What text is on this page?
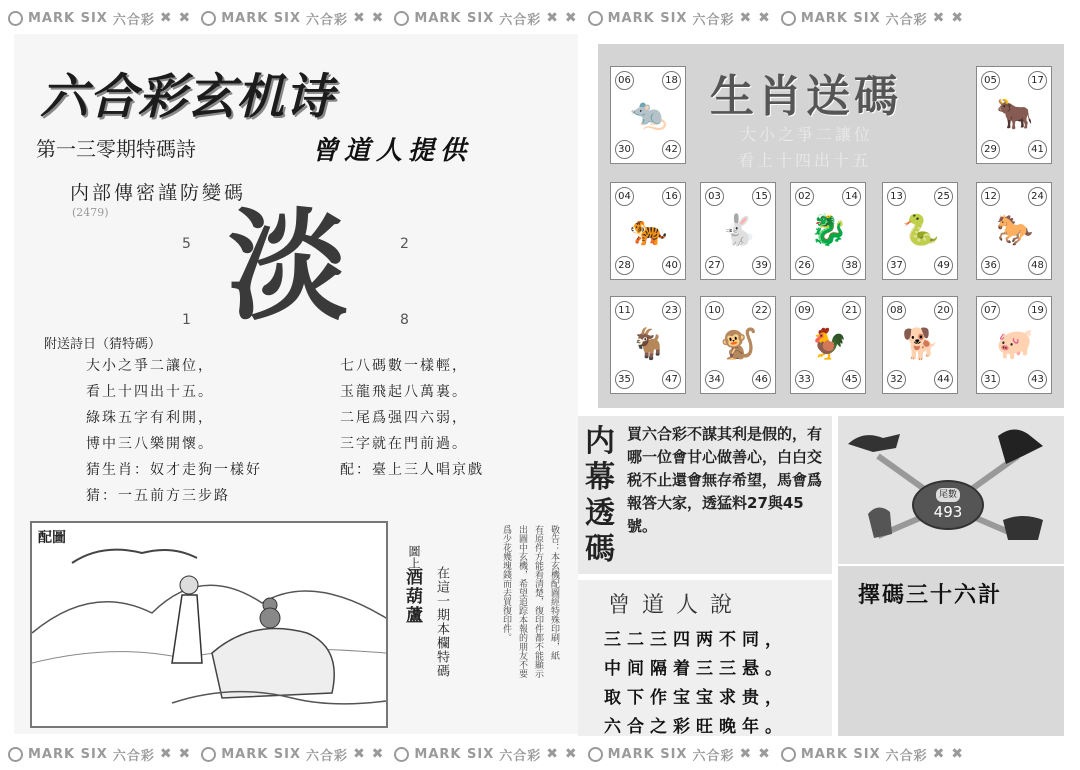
MARK SIX 六合彩 ✖ ✖ MARK SIX 六合彩 ✖ ✖ MARK SIX 六合彩 ✖ ✖ MARK SIX 六合彩 ✖ ✖ MARK SIX 六合彩 ✖ ✖
MARK SIX 六合彩 ✖ ✖ MARK SIX 六合彩 ✖ ✖ MARK SIX 六合彩 ✖ ✖ MARK SIX 六合彩 ✖ ✖ MARK SIX 六合彩 ✖ ✖
六合彩玄机诗
第一三零期特碼詩	曾道人提供
内部傳密謹防變碼
(2479) 淡
5	2
1	8
附送詩日（猜特碼）
大小之爭二讓位，
看上十四出十五。
綠珠五字有利開，
博中三八樂開懷。
猜生肖：奴才走狗一樣好
猜：一五前方三步路
七八碼數一樣輕，
玉龍飛起八萬裏。
二尾爲强四六弱，
三字就在門前過。
配：臺上三人唱京戲
配圖
圖上
酒葫蘆 在這一期本欄特碼	敬告：本玄機配圖經特殊印刷，紙
有原件方能看清楚，復印件都不能顯示
出圖中玄機，希望追踪本報的朋友不要
爲少花幾塊錢而去買復印件。
生肖送碼
大小之爭二讓位
看上十四出十五
06	18
30	42
🐀
05	17
29	41
🐂
04	16
28	40
🐅
03	15
27	39
🐇
02	14
26	38
🐉
13	25
37	49
🐍
12	24
36	48
🐎
11	23
35	47
🐐
10	22
34	46
🐒
09	21
33	45
🐓
08	20
32	44
🐕
07	19
31	43
🐖
内幕透碼
買六合彩不謀其利是假的，有哪一位會甘心做善心，白白交税不止還會無存希望，馬會爲報答大家，透猛料27與45號。
曾道人說
三二三四两不同，
中间隔着三三悬。
取下作宝宝求贵，
六合之彩旺晚年。
尾數
493
擇碼三十六計
